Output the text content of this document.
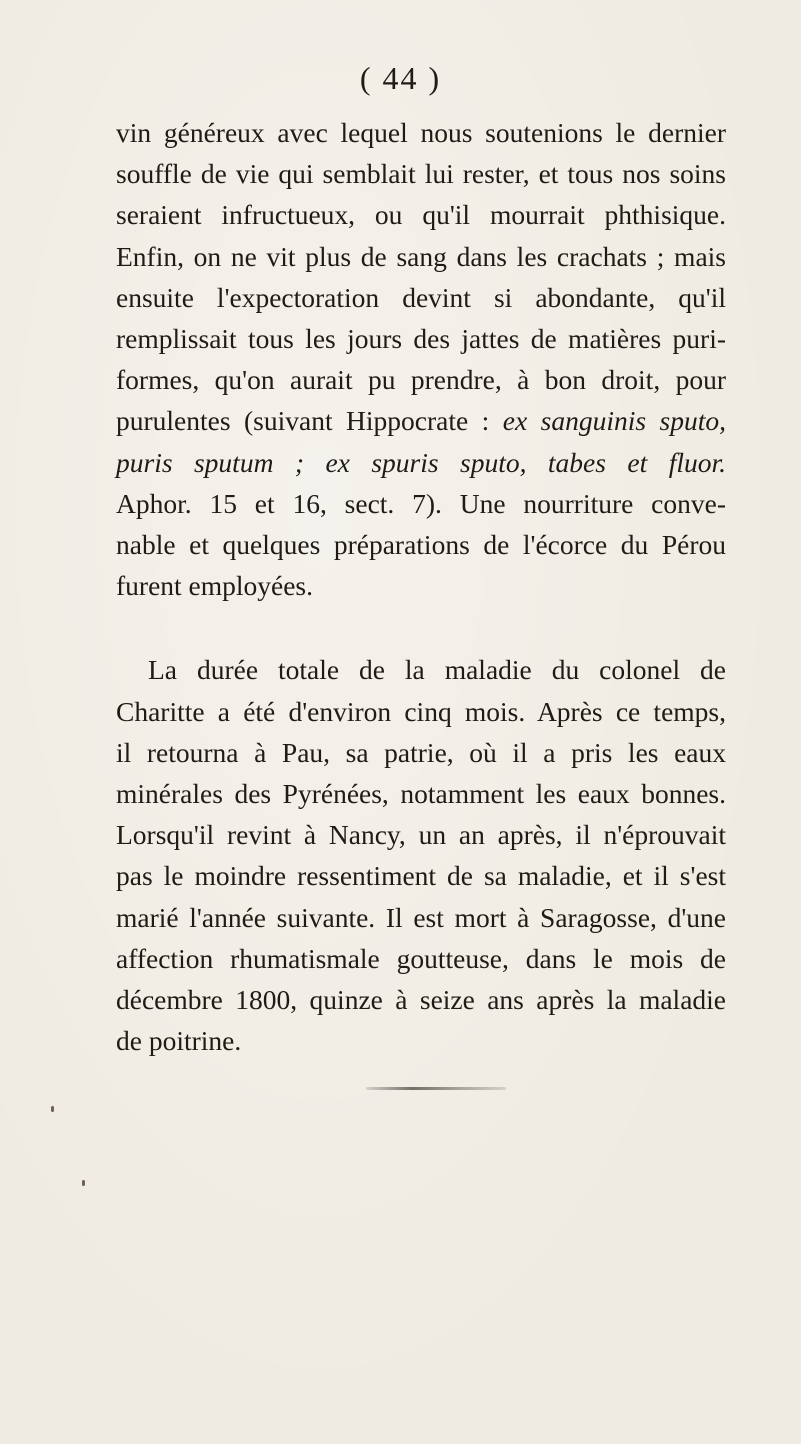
( 44 )

vin généreux avec lequel nous soutenions le dernier
souffle de vie qui semblait lui rester, et tous nos soins
seraient infructueux, ou qu'il mourrait phthisique.
Enfin, on ne vit plus de sang dans les crachats ; mais
ensuite l'expectoration devint si abondante, qu'il
remplissait tous les jours des jattes de matières puri-
formes, qu'on aurait pu prendre, à bon droit, pour
purulentes (suivant Hippocrate : ex sanguinis sputo,
puris sputum ; ex spuris sputo, tabes et fluor.
Aphor. 15 et 16, sect. 7). Une nourriture conve-
nable et quelques préparations de l'écorce du Pérou
furent employées.

La durée totale de la maladie du colonel de
Charitte a été d'environ cinq mois. Après ce temps,
il retourna à Pau, sa patrie, où il a pris les eaux
minérales des Pyrénées, notamment les eaux bonnes.
Lorsqu'il revint à Nancy, un an après, il n'éprouvait
pas le moindre ressentiment de sa maladie, et il s'est
marié l'année suivante. Il est mort à Saragosse, d'une
affection rhumatismale goutteuse, dans le mois de
décembre 1800, quinze à seize ans après la maladie
de poitrine.
